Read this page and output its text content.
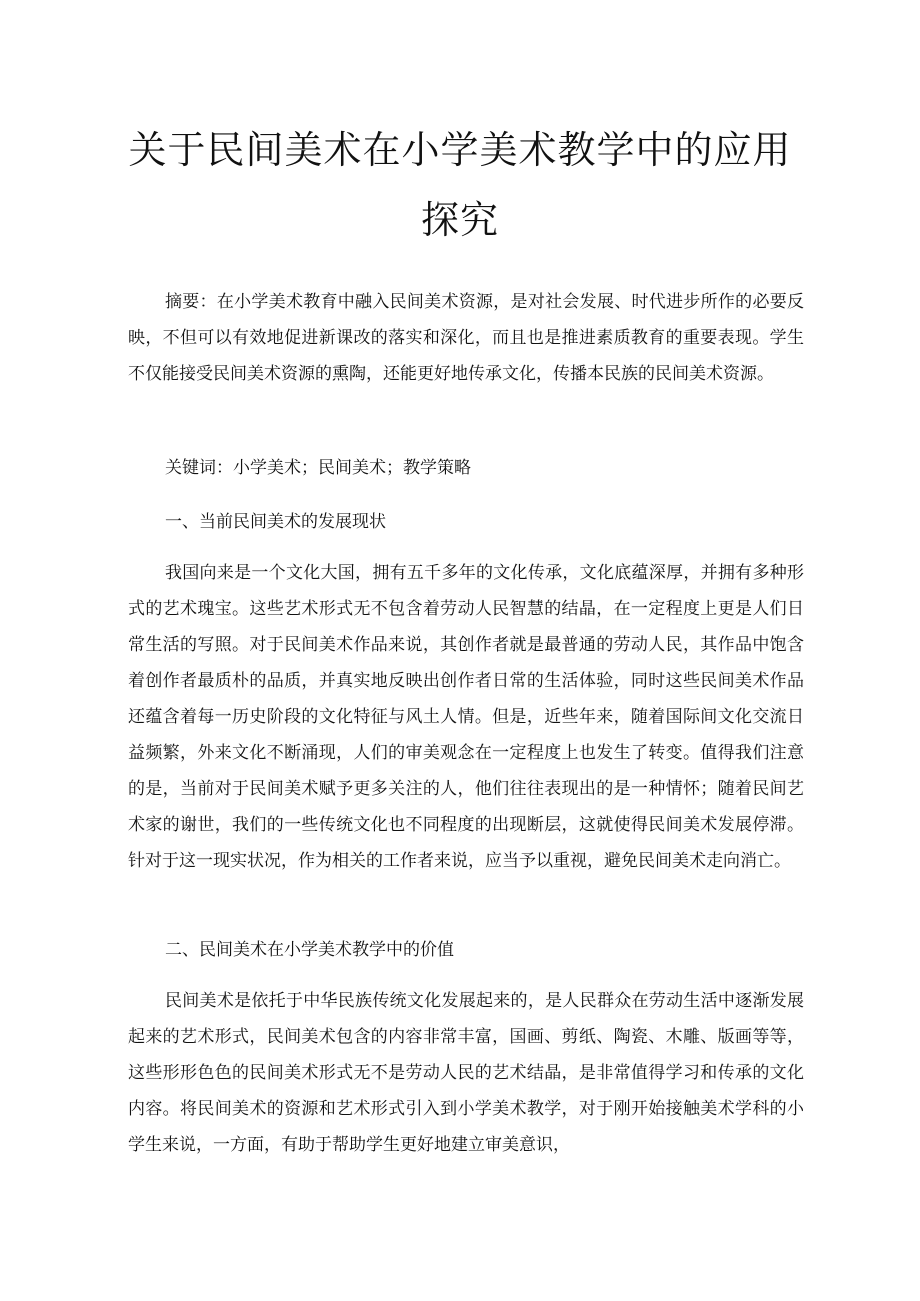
关于民间美术在小学美术教学中的应用
探究

摘要：在小学美术教育中融入民间美术资源，是对社会发展、时代进步所作的必要反映，不但可以有效地促进新课改的落实和深化，而且也是推进素质教育的重要表现。学生不仅能接受民间美术资源的熏陶，还能更好地传承文化，传播本民族的民间美术资源。

关键词：小学美术；民间美术；教学策略

一、当前民间美术的发展现状

我国向来是一个文化大国，拥有五千多年的文化传承，文化底蕴深厚，并拥有多种形式的艺术瑰宝。这些艺术形式无不包含着劳动人民智慧的结晶，在一定程度上更是人们日常生活的写照。对于民间美术作品来说，其创作者就是最普通的劳动人民，其作品中饱含着创作者最质朴的品质，并真实地反映出创作者日常的生活体验，同时这些民间美术作品还蕴含着每一历史阶段的文化特征与风土人情。但是，近些年来，随着国际间文化交流日益频繁，外来文化不断涌现，人们的审美观念在一定程度上也发生了转变。值得我们注意的是，当前对于民间美术赋予更多关注的人，他们往往表现出的是一种情怀；随着民间艺术家的谢世，我们的一些传统文化也不同程度的出现断层，这就使得民间美术发展停滞。针对于这一现实状况，作为相关的工作者来说，应当予以重视，避免民间美术走向消亡。

二、民间美术在小学美术教学中的价值

民间美术是依托于中华民族传统文化发展起来的，是人民群众在劳动生活中逐渐发展起来的艺术形式，民间美术包含的内容非常丰富，国画、剪纸、陶瓷、木雕、版画等等，这些形形色色的民间美术形式无不是劳动人民的艺术结晶，是非常值得学习和传承的文化内容。将民间美术的资源和艺术形式引入到小学美术教学，对于刚开始接触美术学科的小学生来说，一方面，有助于帮助学生更好地建立审美意识，
